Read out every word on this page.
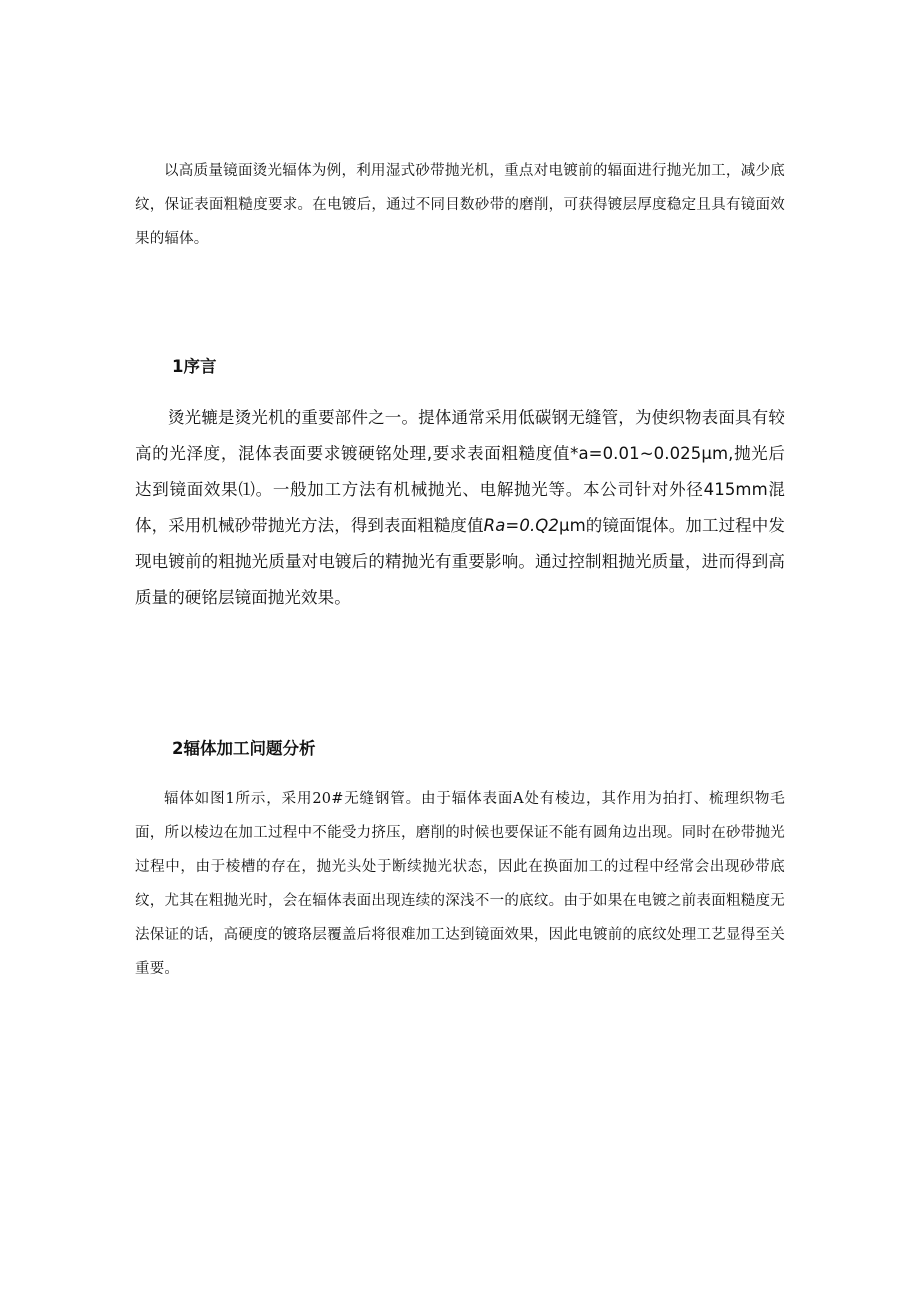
以高质量镜面烫光辐体为例，利用湿式砂带抛光机，重点对电镀前的辐面进行抛光加工，减少底纹，保证表面粗糙度要求。在电镀后，通过不同目数砂带的磨削，可获得镀层厚度稳定且具有镜面效果的辐体。

1序言

烫光辘是烫光机的重要部件之一。提体通常采用低碳钢无缝管，为使织物表面具有较高的光泽度，混体表面要求镀硬铭处理,要求表面粗糙度值*a=0.01~0.025μm,抛光后达到镜面效果⑴。一般加工方法有机械抛光、电解抛光等。本公司针对外径415mm混体，采用机械砂带抛光方法，得到表面粗糙度值Ra=0.Q2μm的镜面馄体。加工过程中发现电镀前的粗抛光质量对电镀后的精抛光有重要影响。通过控制粗抛光质量，进而得到高质量的硬铭层镜面抛光效果。

2辐体加工问题分析

辐体如图1所示，采用20#无缝钢管。由于辐体表面A处有棱边，其作用为拍打、梳理织物毛面，所以棱边在加工过程中不能受力挤压，磨削的时候也要保证不能有圆角边出现。同时在砂带抛光过程中，由于棱槽的存在，抛光头处于断续抛光状态，因此在换面加工的过程中经常会出现砂带底纹，尤其在粗抛光时，会在辐体表面出现连续的深浅不一的底纹。由于如果在电镀之前表面粗糙度无法保证的话，高硬度的镀珞层覆盖后将很难加工达到镜面效果，因此电镀前的底纹处理工艺显得至关重要。
